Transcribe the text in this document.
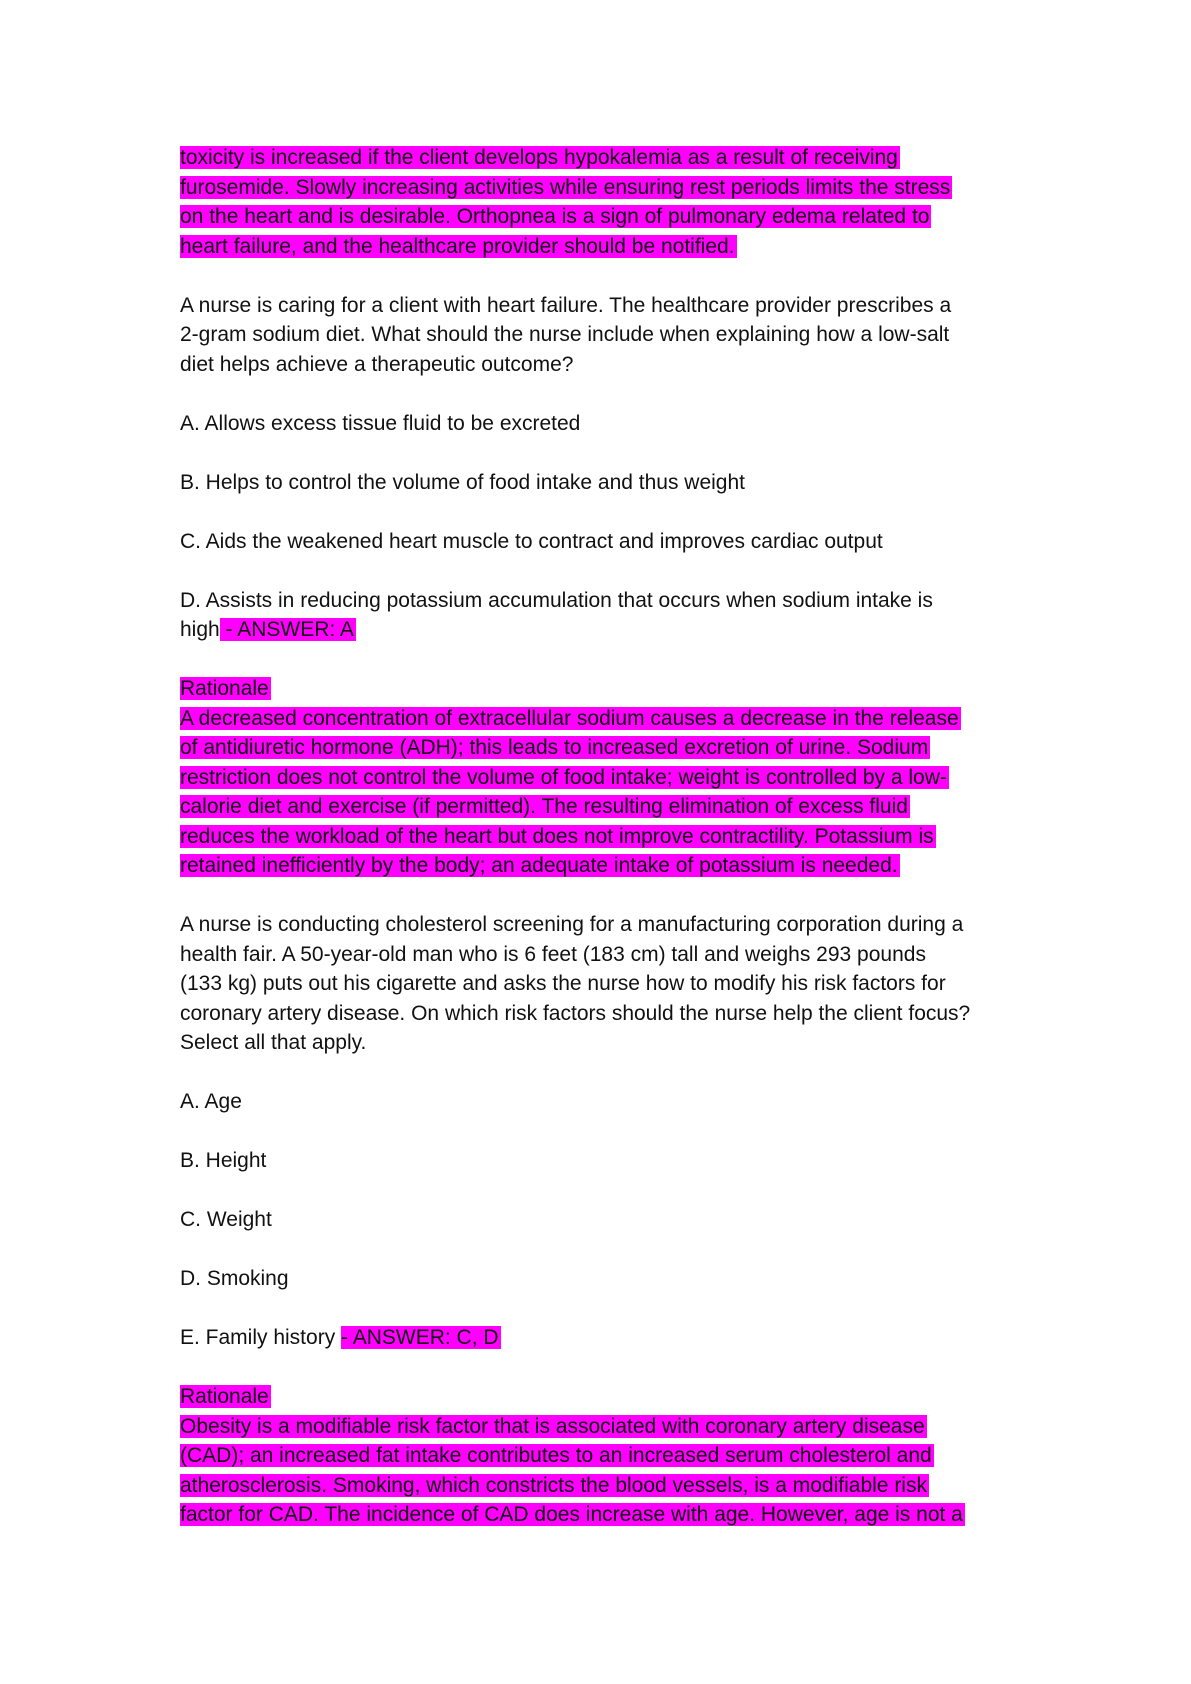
toxicity is increased if the client develops hypokalemia as a result of receiving
furosemide. Slowly increasing activities while ensuring rest periods limits the stress
on the heart and is desirable. Orthopnea is a sign of pulmonary edema related to
heart failure, and the healthcare provider should be notified.
A nurse is caring for a client with heart failure. The healthcare provider prescribes a
2-gram sodium diet. What should the nurse include when explaining how a low-salt
diet helps achieve a therapeutic outcome?
A. Allows excess tissue fluid to be excreted
B. Helps to control the volume of food intake and thus weight
C. Aids the weakened heart muscle to contract and improves cardiac output
D. Assists in reducing potassium accumulation that occurs when sodium intake is
high - ANSWER: A
Rationale
A decreased concentration of extracellular sodium causes a decrease in the release
of antidiuretic hormone (ADH); this leads to increased excretion of urine. Sodium
restriction does not control the volume of food intake; weight is controlled by a low-
calorie diet and exercise (if permitted). The resulting elimination of excess fluid
reduces the workload of the heart but does not improve contractility. Potassium is
retained inefficiently by the body; an adequate intake of potassium is needed.
A nurse is conducting cholesterol screening for a manufacturing corporation during a
health fair. A 50-year-old man who is 6 feet (183 cm) tall and weighs 293 pounds
(133 kg) puts out his cigarette and asks the nurse how to modify his risk factors for
coronary artery disease. On which risk factors should the nurse help the client focus?
Select all that apply.
A. Age
B. Height
C. Weight
D. Smoking
E. Family history - ANSWER: C, D
Rationale
Obesity is a modifiable risk factor that is associated with coronary artery disease
(CAD); an increased fat intake contributes to an increased serum cholesterol and
atherosclerosis. Smoking, which constricts the blood vessels, is a modifiable risk
factor for CAD. The incidence of CAD does increase with age. However, age is not a
